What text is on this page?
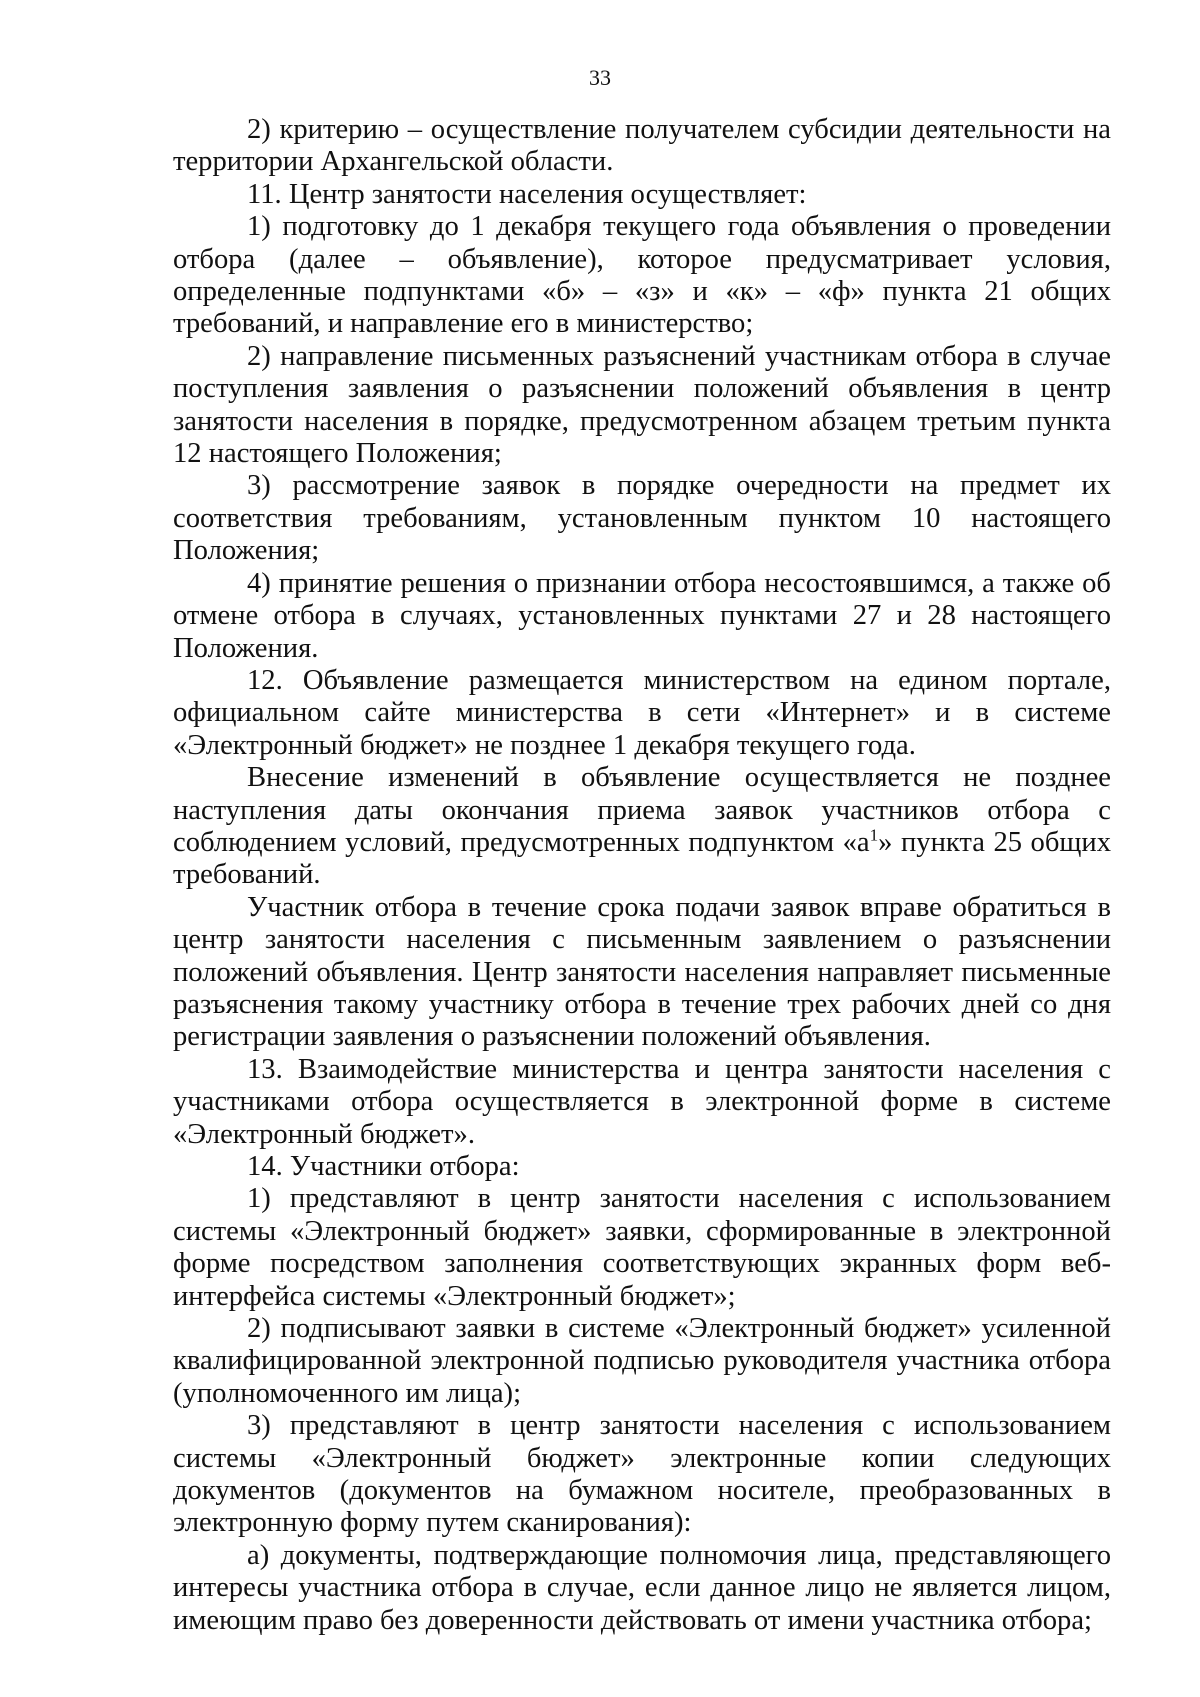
33

2) критерию – осуществление получателем субсидии деятельности на территории Архангельской области.

11. Центр занятости населения осуществляет:

1) подготовку до 1 декабря текущего года объявления о проведении отбора (далее – объявление), которое предусматривает условия, определенные подпунктами «б» – «з» и «к» – «ф» пункта 21 общих требований, и направление его в министерство;

2) направление письменных разъяснений участникам отбора в случае поступления заявления о разъяснении положений объявления в центр занятости населения в порядке, предусмотренном абзацем третьим пункта 12 настоящего Положения;

3) рассмотрение заявок в порядке очередности на предмет их соответствия требованиям, установленным пунктом 10 настоящего Положения;

4) принятие решения о признании отбора несостоявшимся, а также об отмене отбора в случаях, установленных пунктами 27 и 28 настоящего Положения.

12. Объявление размещается министерством на едином портале, официальном сайте министерства в сети «Интернет» и в системе «Электронный бюджет» не позднее 1 декабря текущего года.

Внесение изменений в объявление осуществляется не позднее наступления даты окончания приема заявок участников отбора с соблюдением условий, предусмотренных подпунктом «$а^1$» пункта 25 общих требований.

Участник отбора в течение срока подачи заявок вправе обратиться в центр занятости населения с письменным заявлением о разъяснении положений объявления. Центр занятости населения направляет письменные разъяснения такому участнику отбора в течение трех рабочих дней со дня регистрации заявления о разъяснении положений объявления.

13. Взаимодействие министерства и центра занятости населения с участниками отбора осуществляется в электронной форме в системе «Электронный бюджет».

14. Участники отбора:

1) представляют в центр занятости населения с использованием системы «Электронный бюджет» заявки, сформированные в электронной форме посредством заполнения соответствующих экранных форм веб-интерфейса системы «Электронный бюджет»;

2) подписывают заявки в системе «Электронный бюджет» усиленной квалифицированной электронной подписью руководителя участника отбора (уполномоченного им лица);

3) представляют в центр занятости населения с использованием системы «Электронный бюджет» электронные копии следующих документов (документов на бумажном носителе, преобразованных в электронную форму путем сканирования):

а) документы, подтверждающие полномочия лица, представляющего интересы участника отбора в случае, если данное лицо не является лицом, имеющим право без доверенности действовать от имени участника отбора;
